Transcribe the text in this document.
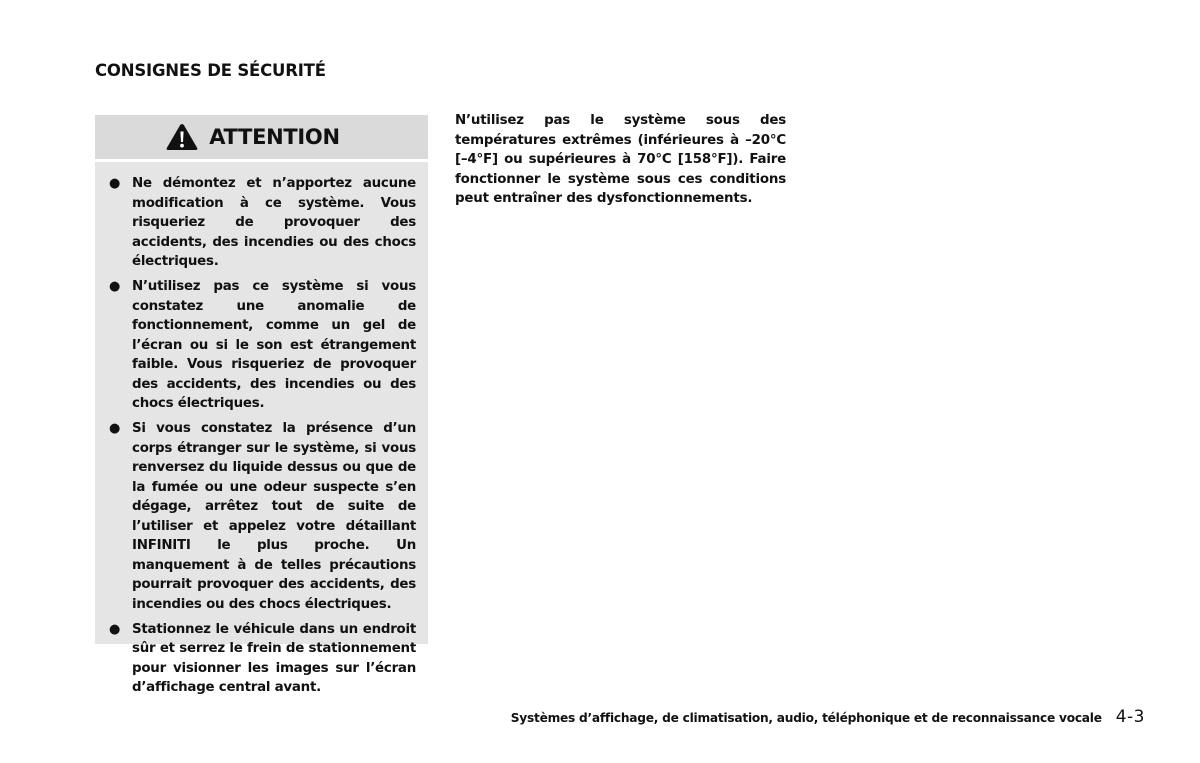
CONSIGNES DE SÉCURITÉ
ATTENTION
● Ne démontez et n’apportez aucune modification à ce système. Vous risqueriez de provoquer des accidents, des incendies ou des chocs électriques.
● N’utilisez pas ce système si vous constatez une anomalie de fonctionnement, comme un gel de l’écran ou si le son est étrangement faible. Vous risqueriez de provoquer des accidents, des incendies ou des chocs électriques.
● Si vous constatez la présence d’un corps étranger sur le système, si vous renversez du liquide dessus ou que de la fumée ou une odeur suspecte s’en dégage, arrêtez tout de suite de l’utiliser et appelez votre détaillant INFINITI le plus proche. Un manquement à de telles précautions pourrait provoquer des accidents, des incendies ou des chocs électriques.
● Stationnez le véhicule dans un endroit sûr et serrez le frein de stationnement pour visionner les images sur l’écran d’affichage central avant.
N’utilisez pas le système sous des températures extrêmes (inférieures à –20°C [–4°F] ou supérieures à 70°C [158°F]). Faire fonctionner le système sous ces conditions peut entraîner des dysfonctionnements.
Systèmes d’affichage, de climatisation, audio, téléphonique et de reconnaissance vocale 4-3
